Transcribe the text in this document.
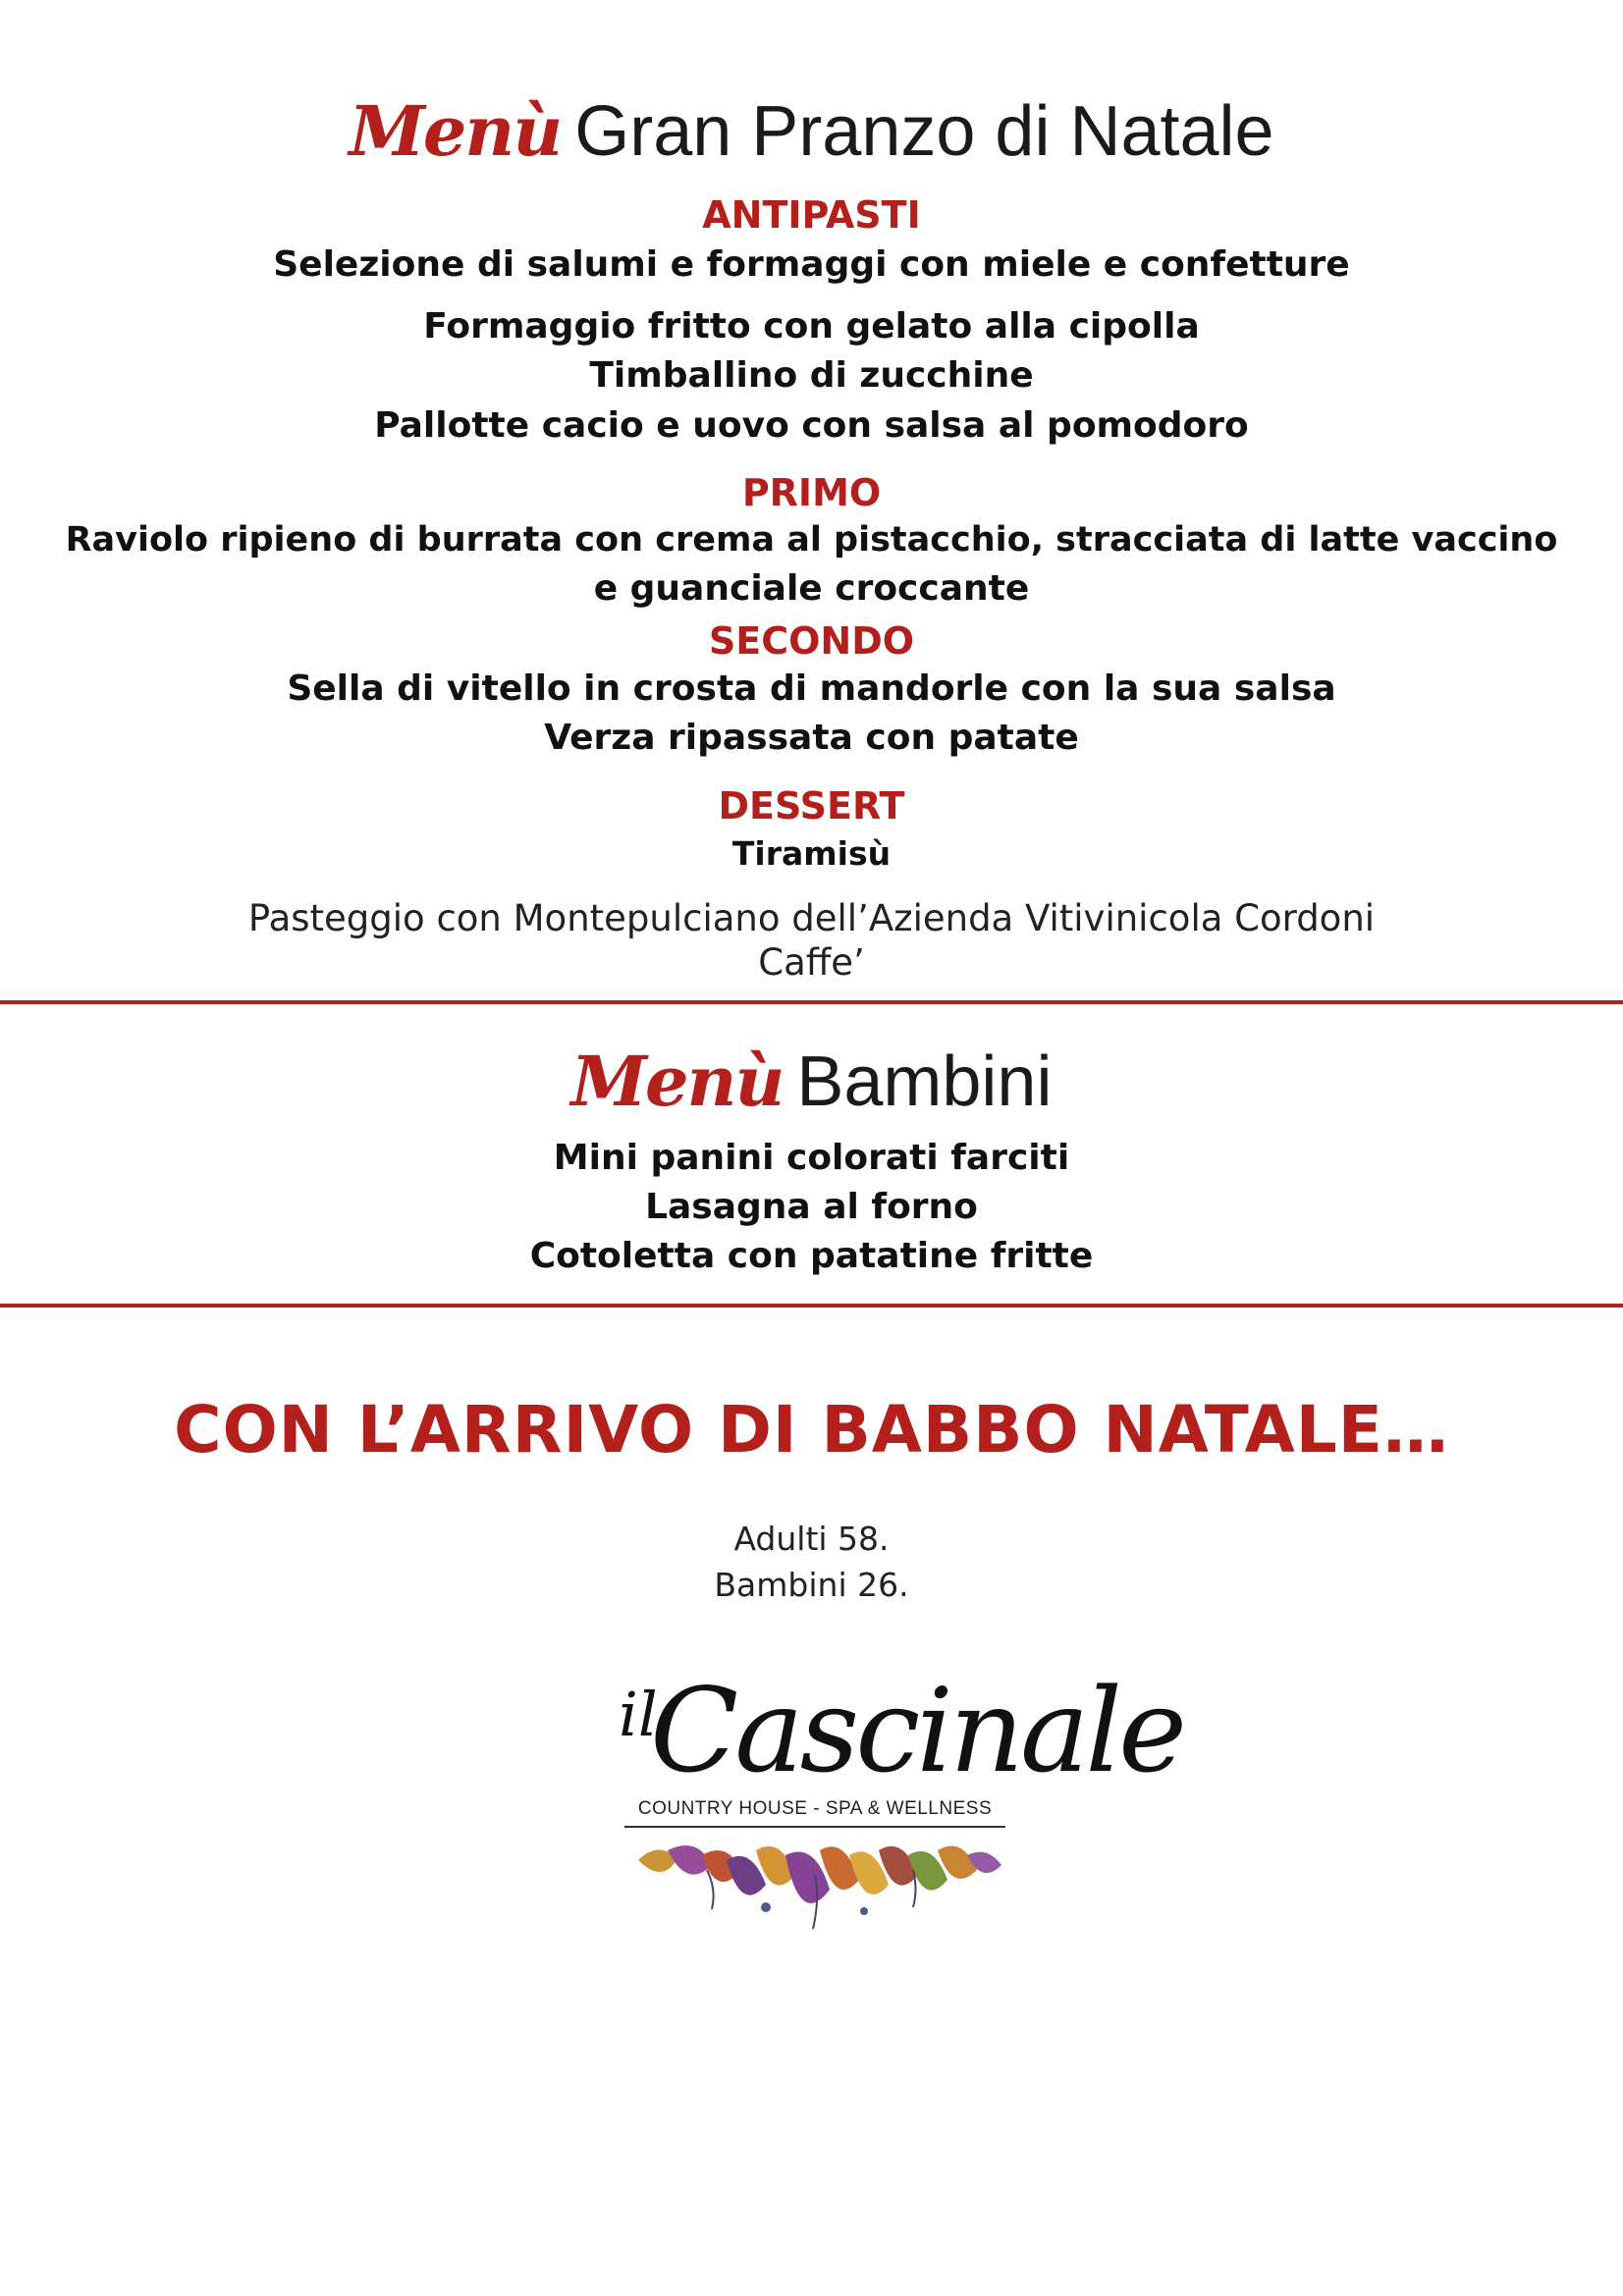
Menù Gran Pranzo di Natale
ANTIPASTI
Selezione di salumi e formaggi con miele e confetture
Formaggio fritto con gelato alla cipolla
Timballino di zucchine
Pallotte cacio e uovo con salsa al pomodoro
PRIMO
Raviolo ripieno di burrata con crema al pistacchio, stracciata di latte vaccino
e guanciale croccante
SECONDO
Sella di vitello in crosta di mandorle con la sua salsa
Verza ripassata con patate
DESSERT
Tiramisù
Pasteggio con Montepulciano dell’Azienda Vitivinicola Cordoni
Caffe’
Menù Bambini
Mini panini colorati farciti
Lasagna al forno
Cotoletta con patatine fritte
CON L’ARRIVO DI BABBO NATALE…
Adulti 58.
Bambini 26.
il
Cascinale
COUNTRY HOUSE - SPA & WELLNESS
